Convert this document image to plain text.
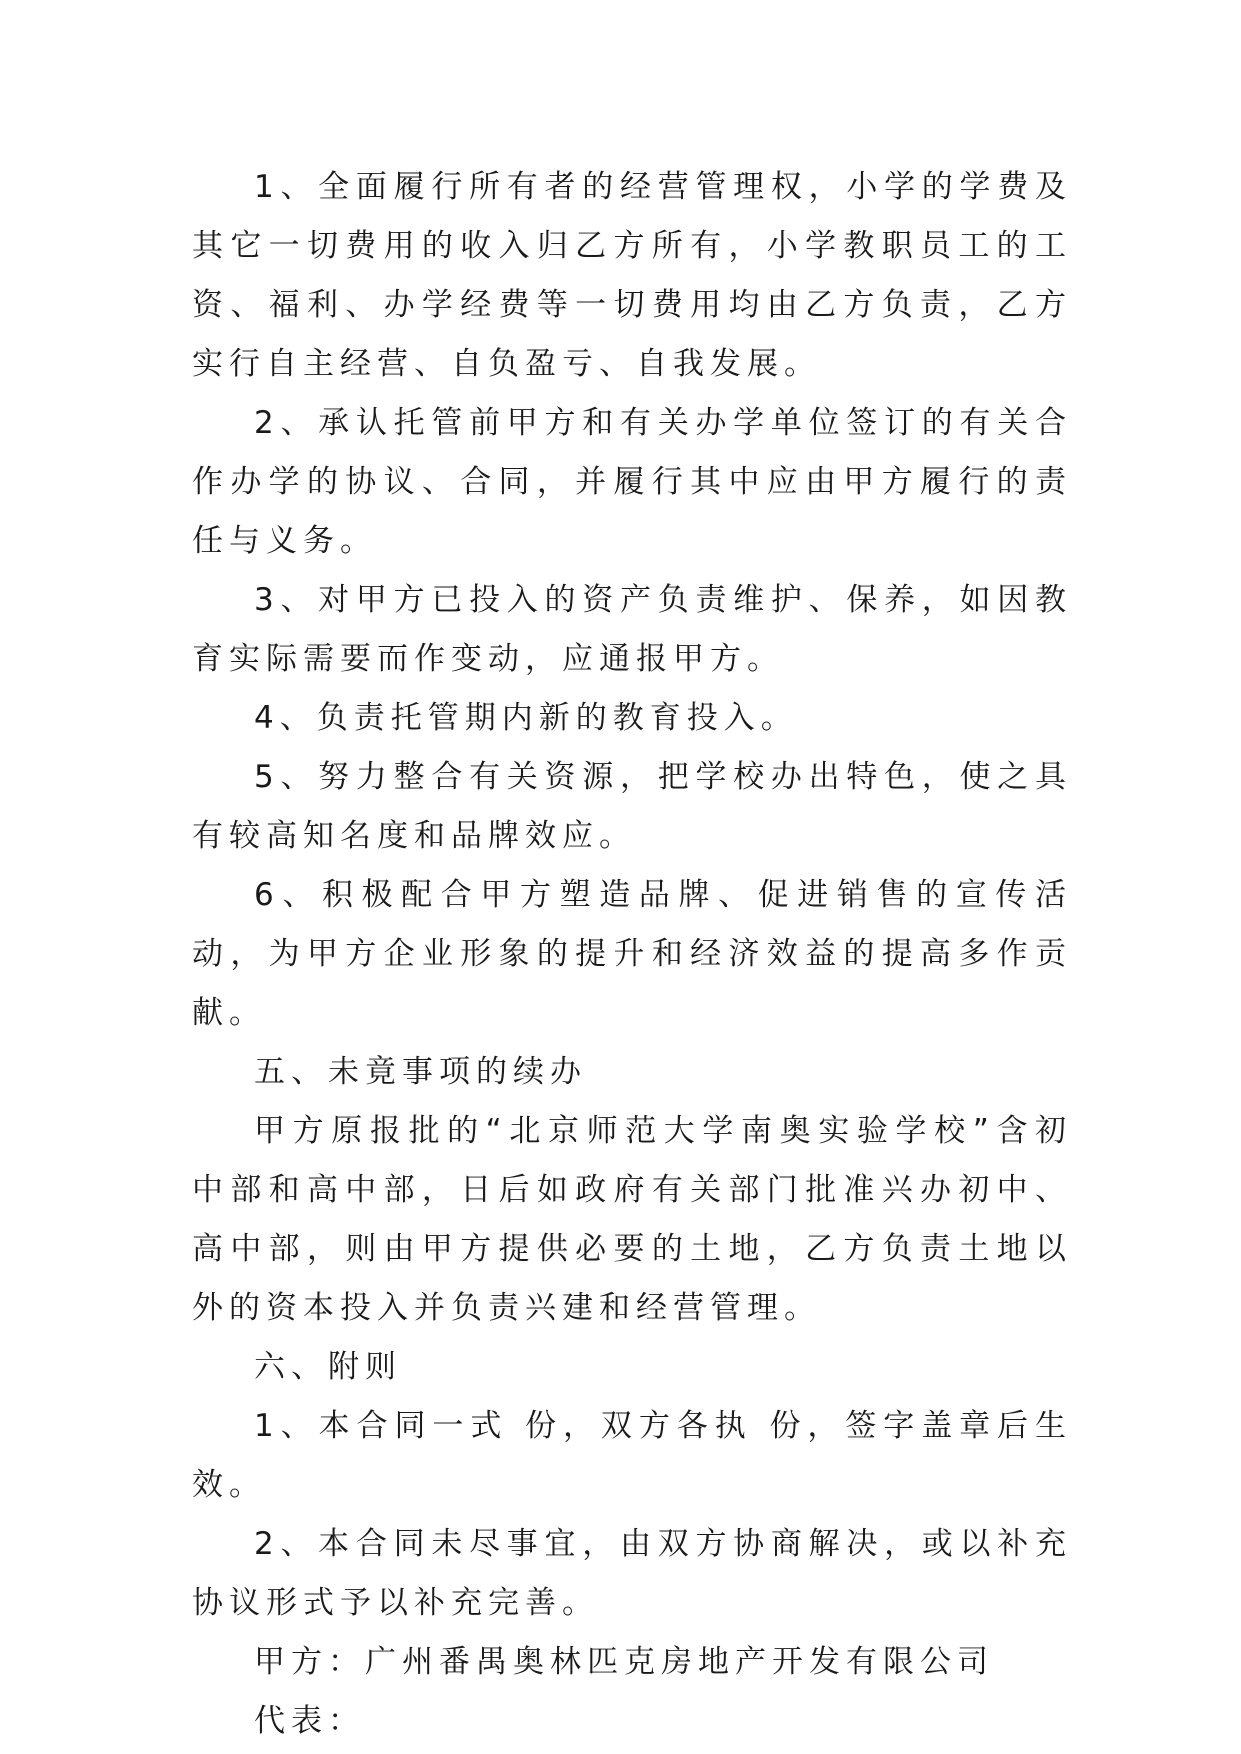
1、全面履行所有者的经营管理权，小学的学费及其它一切费用的收入归乙方所有，小学教职员工的工资、福利、办学经费等一切费用均由乙方负责，乙方实行自主经营、自负盈亏、自我发展。

2、承认托管前甲方和有关办学单位签订的有关合作办学的协议、合同，并履行其中应由甲方履行的责任与义务。

3、对甲方已投入的资产负责维护、保养，如因教育实际需要而作变动，应通报甲方。

4、负责托管期内新的教育投入。

5、努力整合有关资源，把学校办出特色，使之具有较高知名度和品牌效应。

6、积极配合甲方塑造品牌、促进销售的宣传活动，为甲方企业形象的提升和经济效益的提高多作贡献。

五、未竟事项的续办

甲方原报批的“北京师范大学南奥实验学校”含初中部和高中部，日后如政府有关部门批准兴办初中、高中部，则由甲方提供必要的土地，乙方负责土地以外的资本投入并负责兴建和经营管理。

六、附则

1、本合同一式 份，双方各执 份，签字盖章后生效。

2、本合同未尽事宜，由双方协商解决，或以补充协议形式予以补充完善。

甲方：广州番禺奥林匹克房地产开发有限公司

代表：
